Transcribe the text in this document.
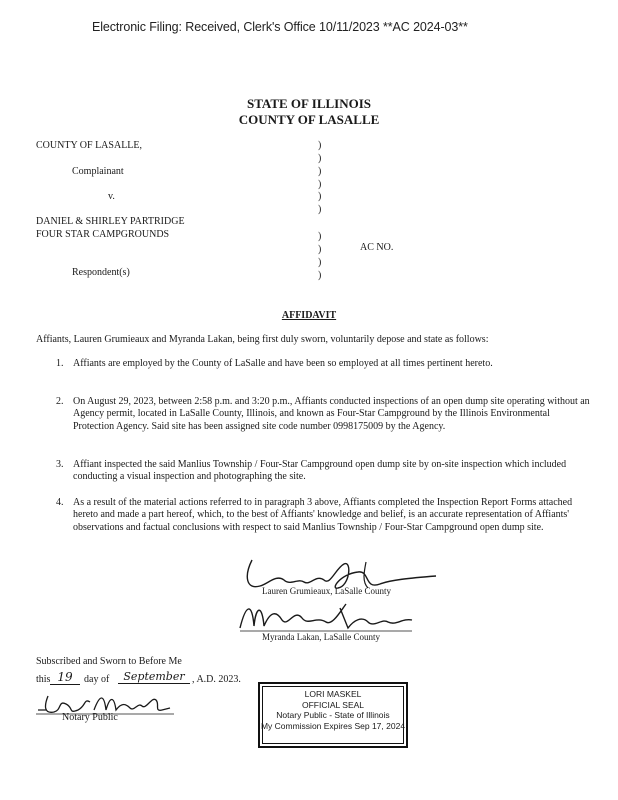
Electronic Filing: Received, Clerk's Office 10/11/2023 **AC 2024-03**
STATE OF ILLINOIS
COUNTY OF LASALLE
COUNTY OF LASALLE,
Complainant
v.
DANIEL & SHIRLEY PARTRIDGE
FOUR STAR CAMPGROUNDS
AC NO.
Respondent(s)
)
)
)
)
)
)
)
)
)
)
AFFIDAVIT
Affiants, Lauren Grumieaux and Myranda Lakan, being first duly sworn, voluntarily depose and state as follows:
1. Affiants are employed by the County of LaSalle and have been so employed at all times pertinent hereto.
2. On August 29, 2023, between 2:58 p.m. and 3:20 p.m., Affiants conducted inspections of an open dump site operating without an Agency permit, located in LaSalle County, Illinois, and known as Four-Star Campground by the Illinois Environmental Protection Agency. Said site has been assigned site code number 0998175009 by the Agency.
3. Affiant inspected the said Manlius Township / Four-Star Campground open dump site by on-site inspection which included conducting a visual inspection and photographing the site.
4. As a result of the material actions referred to in paragraph 3 above, Affiants completed the Inspection Report Forms attached hereto and made a part hereof, which, to the best of Affiants' knowledge and belief, is an accurate representation of Affiants' observations and factual conclusions with respect to said Manlius Township / Four-Star Campground open dump site.
Lauren Grumieaux, LaSalle County
Myranda Lakan, LaSalle County
Subscribed and Sworn to Before Me
this 19	day of	September , A.D. 2023.
Notary Public
LORI MASKEL
OFFICIAL SEAL
Notary Public - State of Illinois
My Commission Expires Sep 17, 2024
